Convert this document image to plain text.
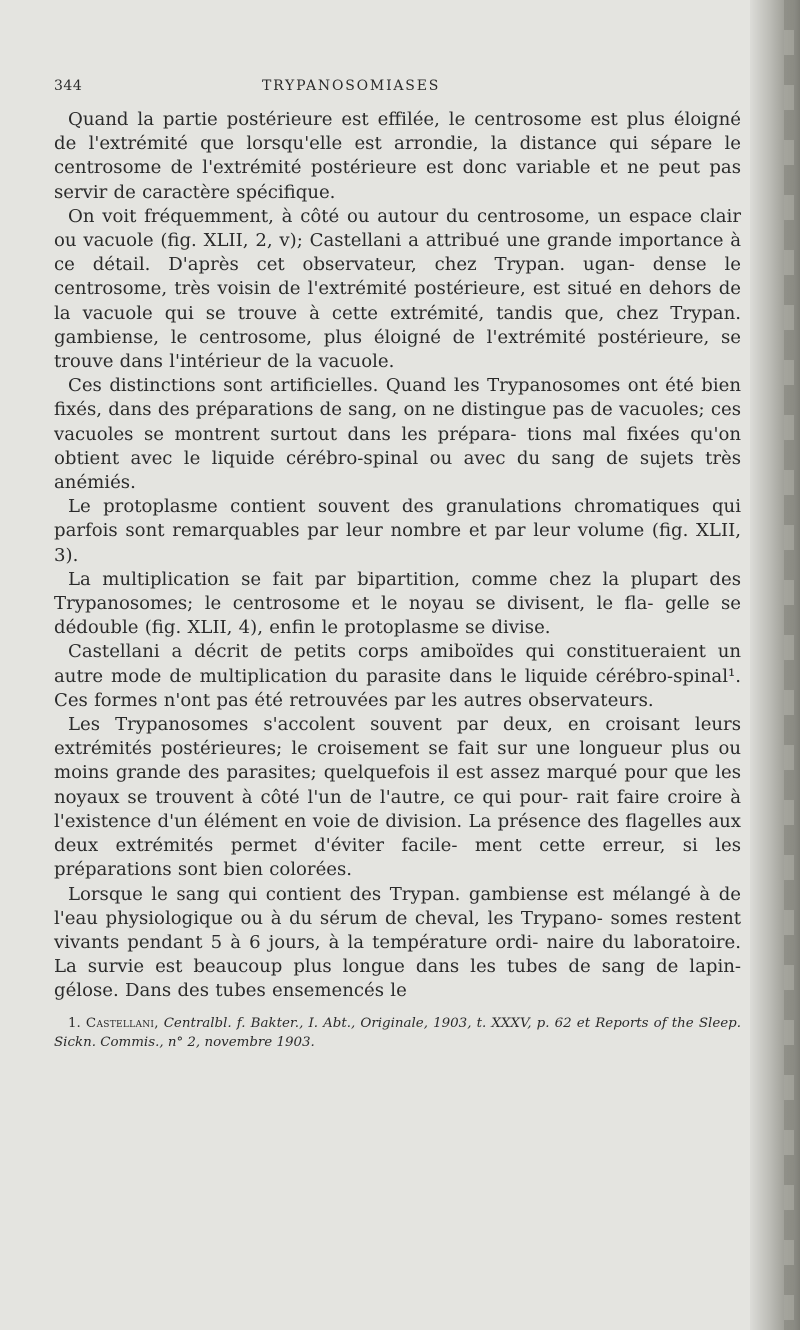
344	TRYPANOSOMIASES

Quand la partie postérieure est effilée, le centrosome est plus éloigné de l'extrémité que lorsqu'elle est arrondie, la distance qui sépare le centrosome de l'extrémité postérieure est donc variable et ne peut pas servir de caractère spécifique.

On voit fréquemment, à côté ou autour du centrosome, un espace clair ou vacuole (fig. XLII, 2, v); Castellani a attribué une grande importance à ce détail. D'après cet observateur, chez Trypan. ugan- dense le centrosome, très voisin de l'extrémité postérieure, est situé en dehors de la vacuole qui se trouve à cette extrémité, tandis que, chez Trypan. gambiense, le centrosome, plus éloigné de l'extrémité postérieure, se trouve dans l'intérieur de la vacuole.

Ces distinctions sont artificielles. Quand les Trypanosomes ont été bien fixés, dans des préparations de sang, on ne distingue pas de vacuoles; ces vacuoles se montrent surtout dans les prépara- tions mal fixées qu'on obtient avec le liquide cérébro-spinal ou avec du sang de sujets très anémiés.

Le protoplasme contient souvent des granulations chromatiques qui parfois sont remarquables par leur nombre et par leur volume (fig. XLII, 3).

La multiplication se fait par bipartition, comme chez la plupart des Trypanosomes; le centrosome et le noyau se divisent, le fla- gelle se dédouble (fig. XLII, 4), enfin le protoplasme se divise.

Castellani a décrit de petits corps amiboïdes qui constitueraient un autre mode de multiplication du parasite dans le liquide cérébro-spinal¹. Ces formes n'ont pas été retrouvées par les autres observateurs.

Les Trypanosomes s'accolent souvent par deux, en croisant leurs extrémités postérieures; le croisement se fait sur une longueur plus ou moins grande des parasites; quelquefois il est assez marqué pour que les noyaux se trouvent à côté l'un de l'autre, ce qui pour- rait faire croire à l'existence d'un élément en voie de division. La présence des flagelles aux deux extrémités permet d'éviter facile- ment cette erreur, si les préparations sont bien colorées.

Lorsque le sang qui contient des Trypan. gambiense est mélangé à de l'eau physiologique ou à du sérum de cheval, les Trypano- somes restent vivants pendant 5 à 6 jours, à la température ordi- naire du laboratoire. La survie est beaucoup plus longue dans les tubes de sang de lapin-gélose. Dans des tubes ensemencés le

1. Castellani, Centralbl. f. Bakter., I. Abt., Originale, 1903, t. XXXV, p. 62 et Reports of the Sleep. Sickn. Commis., n° 2, novembre 1903.
